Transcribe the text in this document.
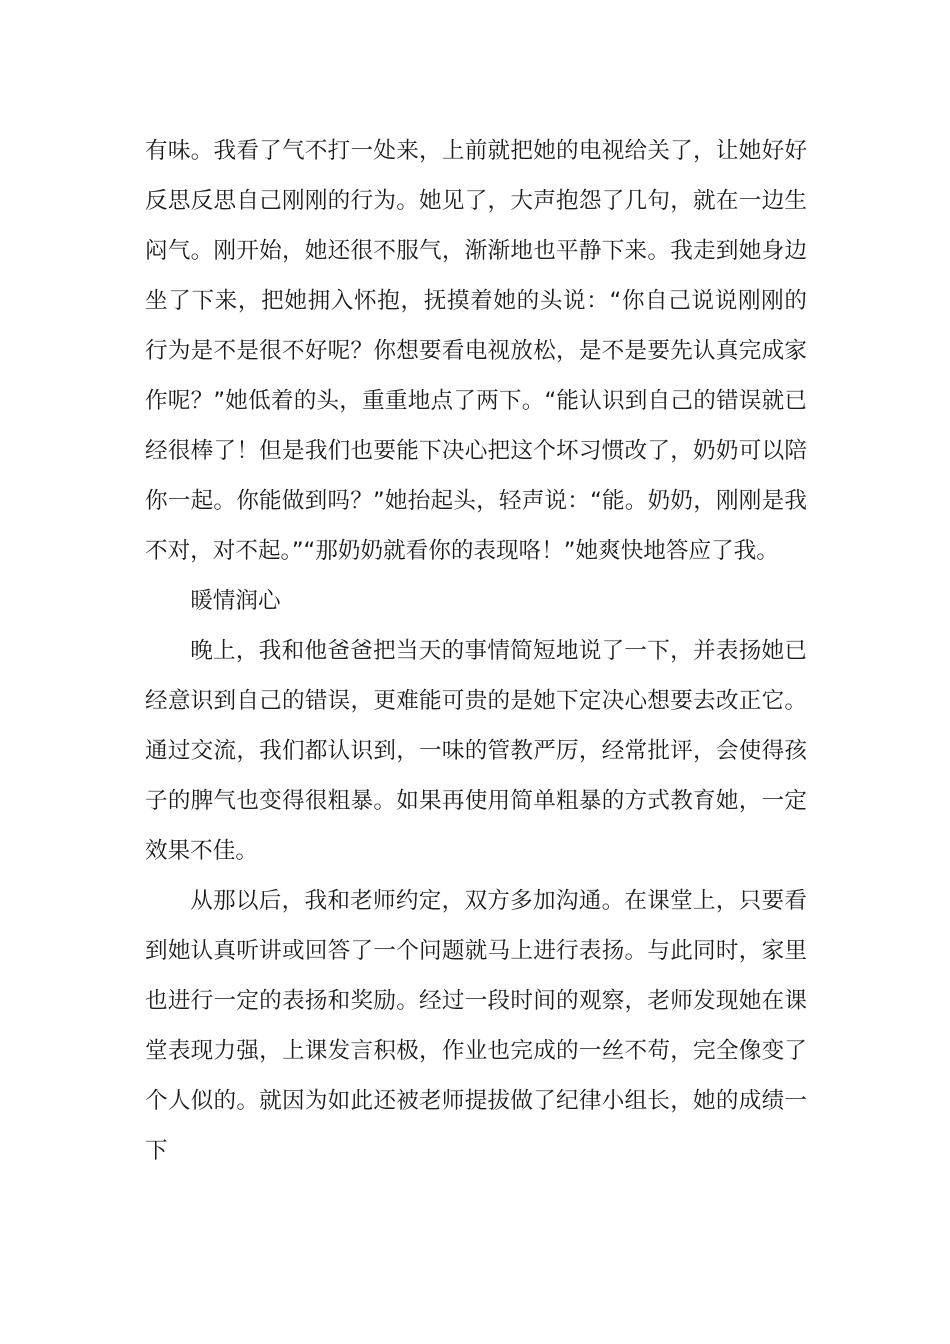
有味。我看了气不打一处来，上前就把她的电视给关了，让她好好反思反思自己刚刚的行为。她见了，大声抱怨了几句，就在一边生闷气。刚开始，她还很不服气，渐渐地也平静下来。我走到她身边坐了下来，把她拥入怀抱，抚摸着她的头说：“你自己说说刚刚的行为是不是很不好呢？你想要看电视放松，是不是要先认真完成家作呢？”她低着的头，重重地点了两下。“能认识到自己的错误就已经很棒了！但是我们也要能下决心把这个坏习惯改了，奶奶可以陪你一起。你能做到吗？”她抬起头，轻声说：“能。奶奶，刚刚是我不对，对不起。”“那奶奶就看你的表现咯！”她爽快地答应了我。

暖情润心

晚上，我和他爸爸把当天的事情简短地说了一下，并表扬她已经意识到自己的错误，更难能可贵的是她下定决心想要去改正它。通过交流，我们都认识到，一味的管教严厉，经常批评，会使得孩子的脾气也变得很粗暴。如果再使用简单粗暴的方式教育她，一定效果不佳。

从那以后，我和老师约定，双方多加沟通。在课堂上，只要看到她认真听讲或回答了一个问题就马上进行表扬。与此同时，家里也进行一定的表扬和奖励。经过一段时间的观察，老师发现她在课堂表现力强，上课发言积极，作业也完成的一丝不苟，完全像变了个人似的。就因为如此还被老师提拔做了纪律小组长，她的成绩一下
